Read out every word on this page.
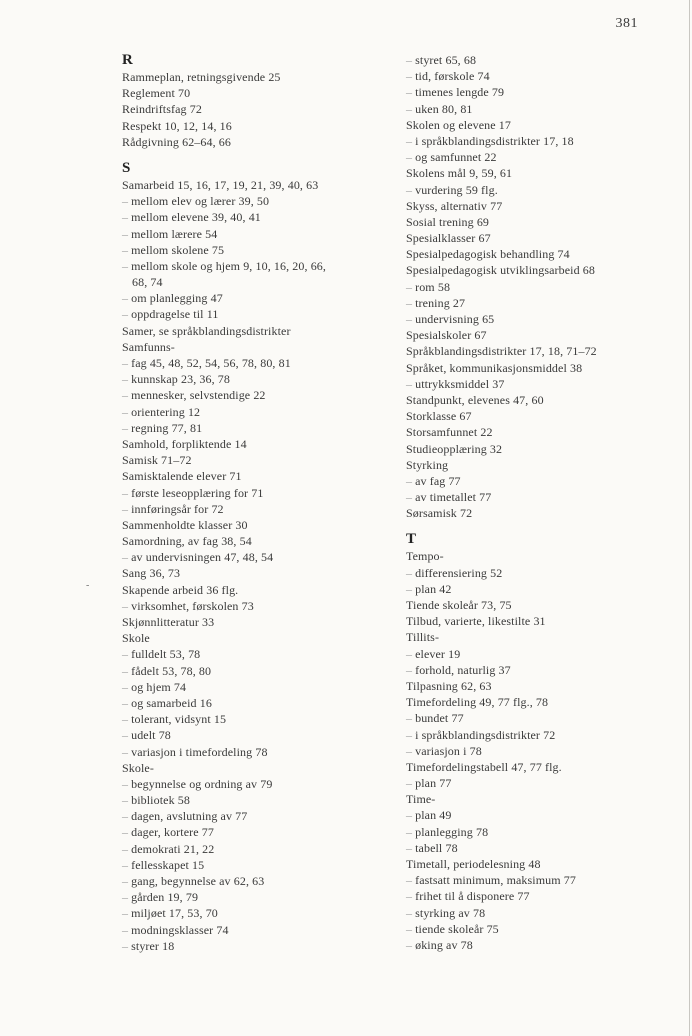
381
-
R
Rammeplan, retningsgivende 25
Reglement 70
Reindriftsfag 72
Respekt 10, 12, 14, 16
Rådgivning 62–64, 66
S
Samarbeid 15, 16, 17, 19, 21, 39, 40, 63
– mellom elev og lærer 39, 50
– mellom elevene 39, 40, 41
– mellom lærere 54
– mellom skolene 75
– mellom skole og hjem 9, 10, 16, 20, 66,
68, 74
– om planlegging 47
– oppdragelse til 11
Samer, se språkblandingsdistrikter
Samfunns-
– fag 45, 48, 52, 54, 56, 78, 80, 81
– kunnskap 23, 36, 78
– mennesker, selvstendige 22
– orientering 12
– regning 77, 81
Samhold, forpliktende 14
Samisk 71–72
Samisktalende elever 71
– første leseopplæring for 71
– innføringsår for 72
Sammenholdte klasser 30
Samordning, av fag 38, 54
– av undervisningen 47, 48, 54
Sang 36, 73
Skapende arbeid 36 flg.
– virksomhet, førskolen 73
Skjønnlitteratur 33
Skole
– fulldelt 53, 78
– fådelt 53, 78, 80
– og hjem 74
– og samarbeid 16
– tolerant, vidsynt 15
– udelt 78
– variasjon i timefordeling 78
Skole-
– begynnelse og ordning av 79
– bibliotek 58
– dagen, avslutning av 77
– dager, kortere 77
– demokrati 21, 22
– fellesskapet 15
– gang, begynnelse av 62, 63
– gården 19, 79
– miljøet 17, 53, 70
– modningsklasser 74
– styrer 18
– styret 65, 68
– tid, førskole 74
– timenes lengde 79
– uken 80, 81
Skolen og elevene 17
– i språkblandingsdistrikter 17, 18
– og samfunnet 22
Skolens mål 9, 59, 61
– vurdering 59 flg.
Skyss, alternativ 77
Sosial trening 69
Spesialklasser 67
Spesialpedagogisk behandling 74
Spesialpedagogisk utviklingsarbeid 68
– rom 58
– trening 27
– undervisning 65
Spesialskoler 67
Språkblandingsdistrikter 17, 18, 71–72
Språket, kommunikasjonsmiddel 38
– uttrykksmiddel 37
Standpunkt, elevenes 47, 60
Storklasse 67
Storsamfunnet 22
Studieopplæring 32
Styrking
– av fag 77
– av timetallet 77
Sørsamisk 72
T
Tempo-
– differensiering 52
– plan 42
Tiende skoleår 73, 75
Tilbud, varierte, likestilte 31
Tillits-
– elever 19
– forhold, naturlig 37
Tilpasning 62, 63
Timefordeling 49, 77 flg., 78
– bundet 77
– i språkblandingsdistrikter 72
– variasjon i 78
Timefordelingstabell 47, 77 flg.
– plan 77
Time-
– plan 49
– planlegging 78
– tabell 78
Timetall, periodelesning 48
– fastsatt minimum, maksimum 77
– frihet til å disponere 77
– styrking av 78
– tiende skoleår 75
– øking av 78
